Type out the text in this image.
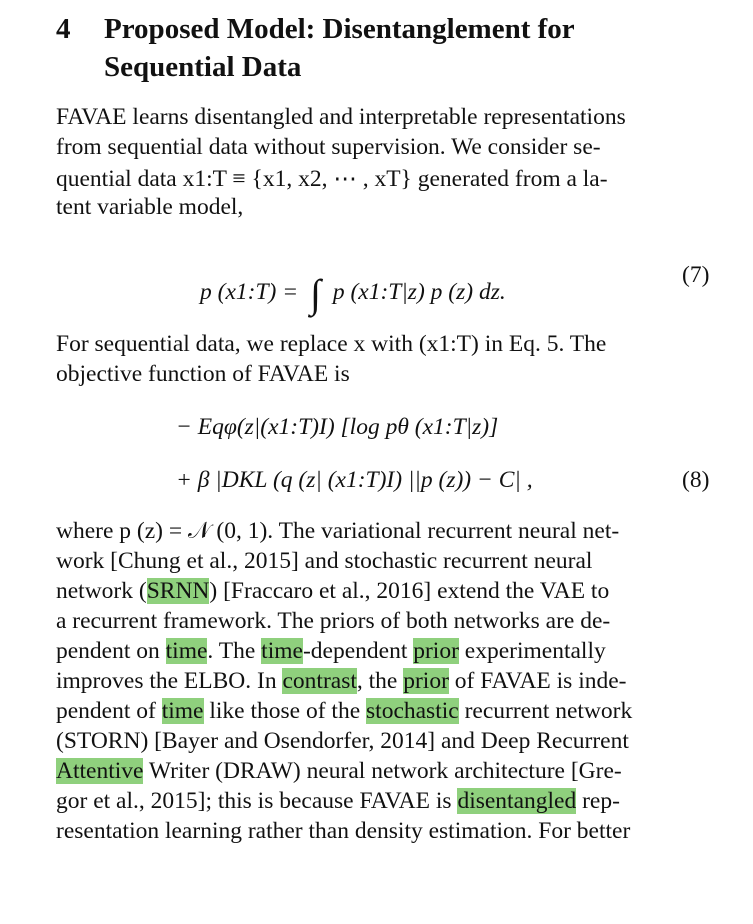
4 Proposed Model: Disentanglement for
Sequential Data
FAVAE learns disentangled and interpretable representations
from sequential data without supervision. We consider se-
quential data x1:T ≡ {x1, x2, ⋯ , xT} generated from a la-
tent variable model,
p (x1:T) = ∫ p (x1:T|z) p (z) dz.
(7)
For sequential data, we replace x with (x1:T) in Eq. 5. The
objective function of FAVAE is
− Eqφ(z|(x1:T)I) [log pθ (x1:T|z)]
+ β |DKL (q (z| (x1:T)I) ||p (z)) − C| ,	(8)
where p (z) = 𝒩 (0, 1). The variational recurrent neural net-
work [Chung et al., 2015] and stochastic recurrent neural
network (SRNN) [Fraccaro et al., 2016] extend the VAE to
a recurrent framework. The priors of both networks are de-
pendent on time. The time-dependent prior experimentally
improves the ELBO. In contrast, the prior of FAVAE is inde-
pendent of time like those of the stochastic recurrent network
(STORN) [Bayer and Osendorfer, 2014] and Deep Recurrent
Attentive Writer (DRAW) neural network architecture [Gre-
gor et al., 2015]; this is because FAVAE is disentangled rep-
resentation learning rather than density estimation. For better
